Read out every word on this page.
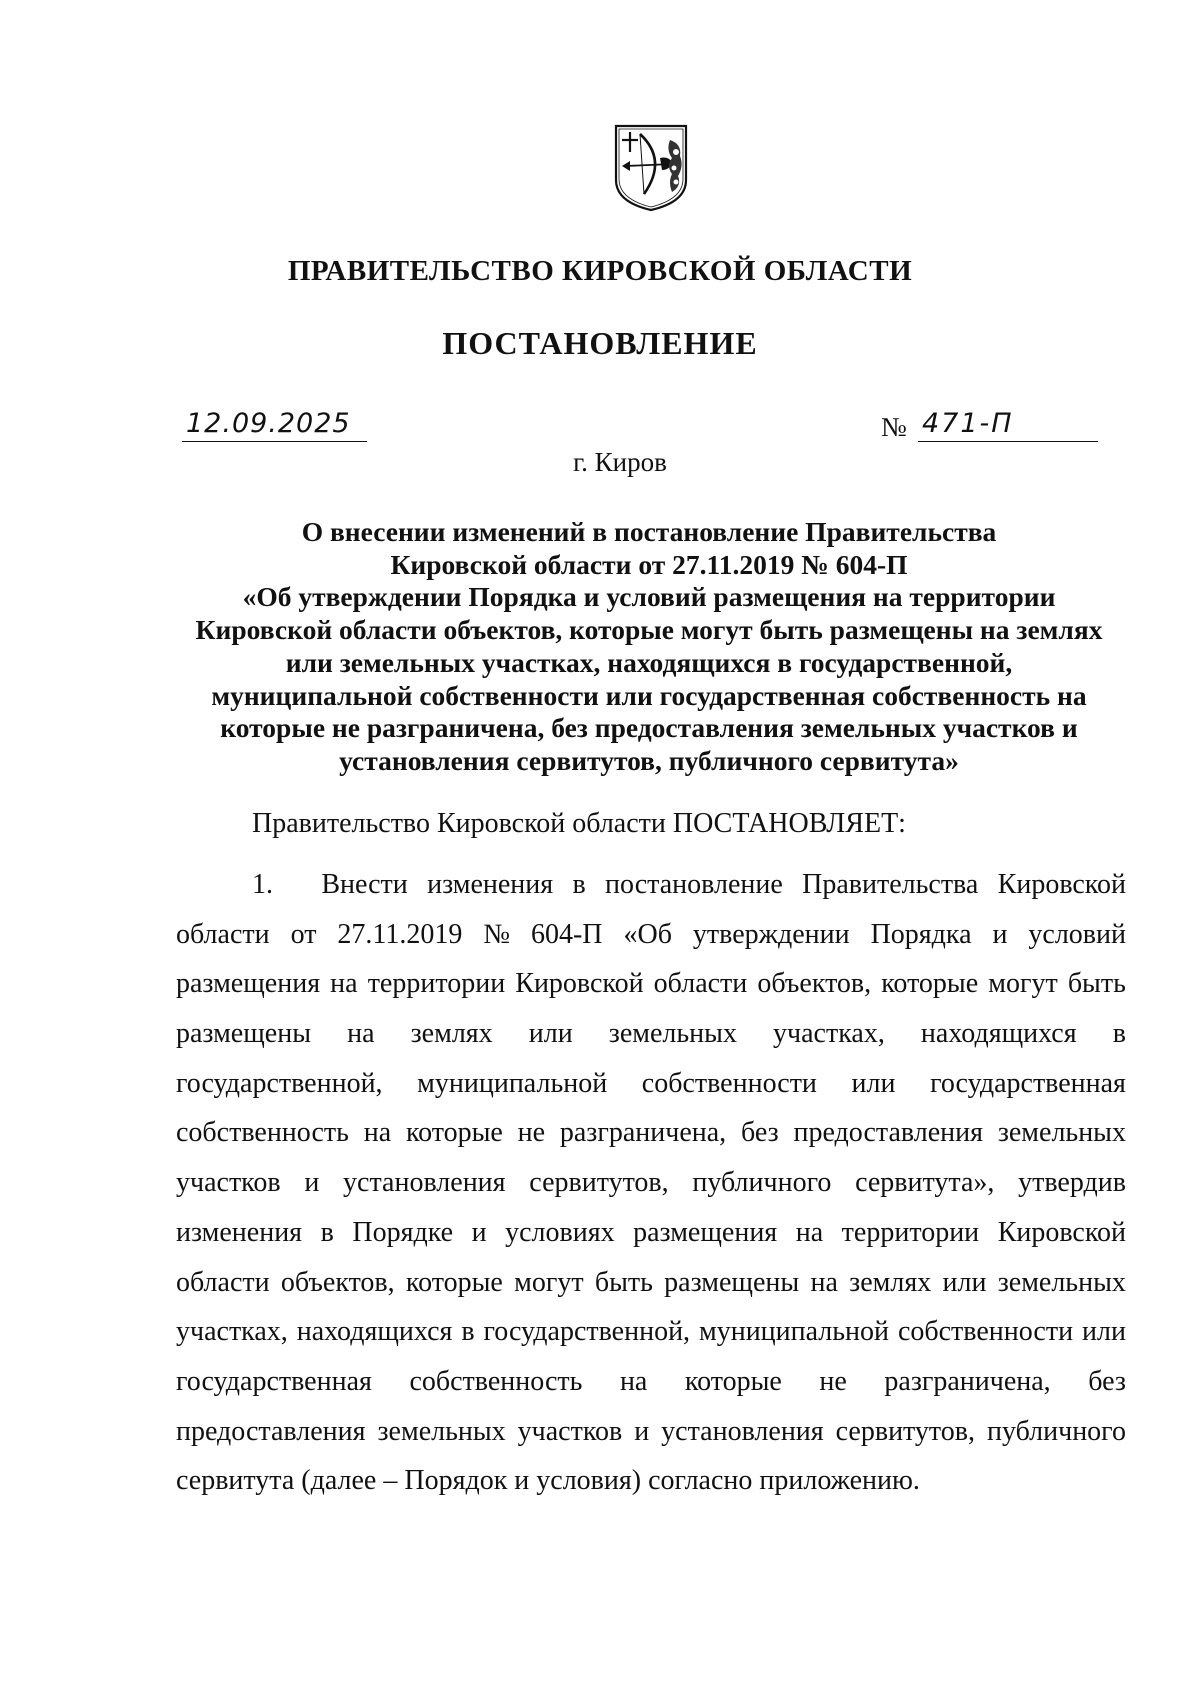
ПРАВИТЕЛЬСТВО КИРОВСКОЙ ОБЛАСТИ
ПОСТАНОВЛЕНИЕ
12.09.2025	№ 471-П
г. Киров
О внесении изменений в постановление Правительства
Кировской области от 27.11.2019 № 604-П
«Об утверждении Порядка и условий размещения на территории
Кировской области объектов, которые могут быть размещены на землях
или земельных участках, находящихся в государственной,
муниципальной собственности или государственная собственность на
которые не разграничена, без предоставления земельных участков и
установления сервитутов, публичного сервитута»
Правительство Кировской области ПОСТАНОВЛЯЕТ:
1.	Внести изменения в постановление Правительства Кировской
области от 27.11.2019 № 604-П «Об утверждении Порядка и условий
размещения на территории Кировской области объектов, которые могут быть
размещены на землях или земельных участках, находящихся в
государственной, муниципальной собственности или государственная
собственность на которые не разграничена, без предоставления земельных
участков и установления сервитутов, публичного сервитута», утвердив
изменения в Порядке и условиях размещения на территории Кировской
области объектов, которые могут быть размещены на землях или земельных
участках, находящихся в государственной, муниципальной собственности или
государственная собственность на которые не разграничена, без
предоставления земельных участков и установления сервитутов, публичного
сервитута (далее – Порядок и условия) согласно приложению.
